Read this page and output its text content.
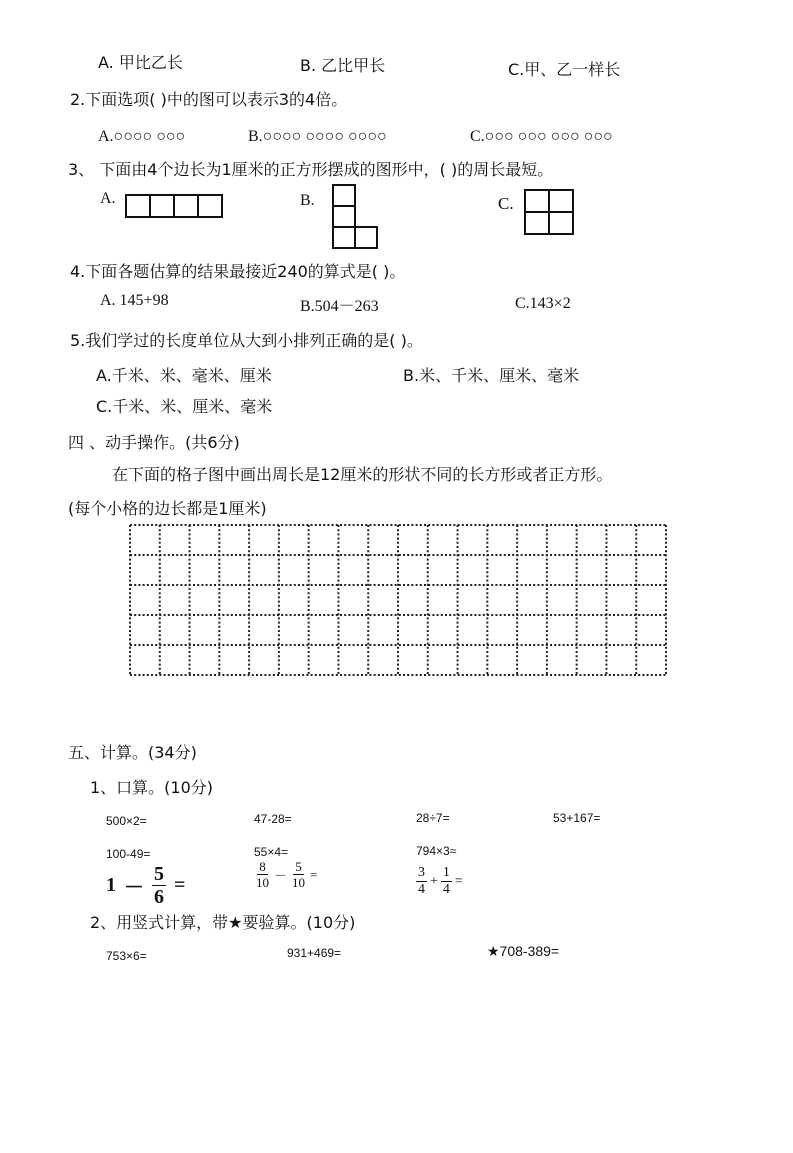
A. 甲比乙长	B. 乙比甲长	C.甲、乙一样长
2.下面选项( )中的图可以表示3的4倍。
A.○○○○ ○○○	B.○○○○ ○○○○ ○○○○	C.○○○ ○○○ ○○○ ○○○
3、 下面由4个边长为1厘米的正方形摆成的图形中，( )的周长最短。
A.	B.	C.
4.下面各题估算的结果最接近240的算式是( )。
A. 145+98	B.504－263	C.143×2
5.我们学过的长度单位从大到小排列正确的是( )。
A.千米、米、毫米、厘米	B.米、千米、厘米、毫米
C.千米、米、厘米、毫米
四 、动手操作。(共6分)
在下面的格子图中画出周长是12厘米的形状不同的长方形或者正方形。
(每个小格的边长都是1厘米)
五、计算。(34分)
1、口算。(10分)
500×2=	47-28=	28÷7=	53+167=
100-49=	55×4=	794×3≈
$1 - \frac{5}{6}$ =	$\frac{8}{10} - \frac{5}{10}$ =	$\frac{3}{4} + \frac{1}{4}$ =
2、用竖式计算，带★要验算。(10分)
753×6=	931+469=	★708-389=
